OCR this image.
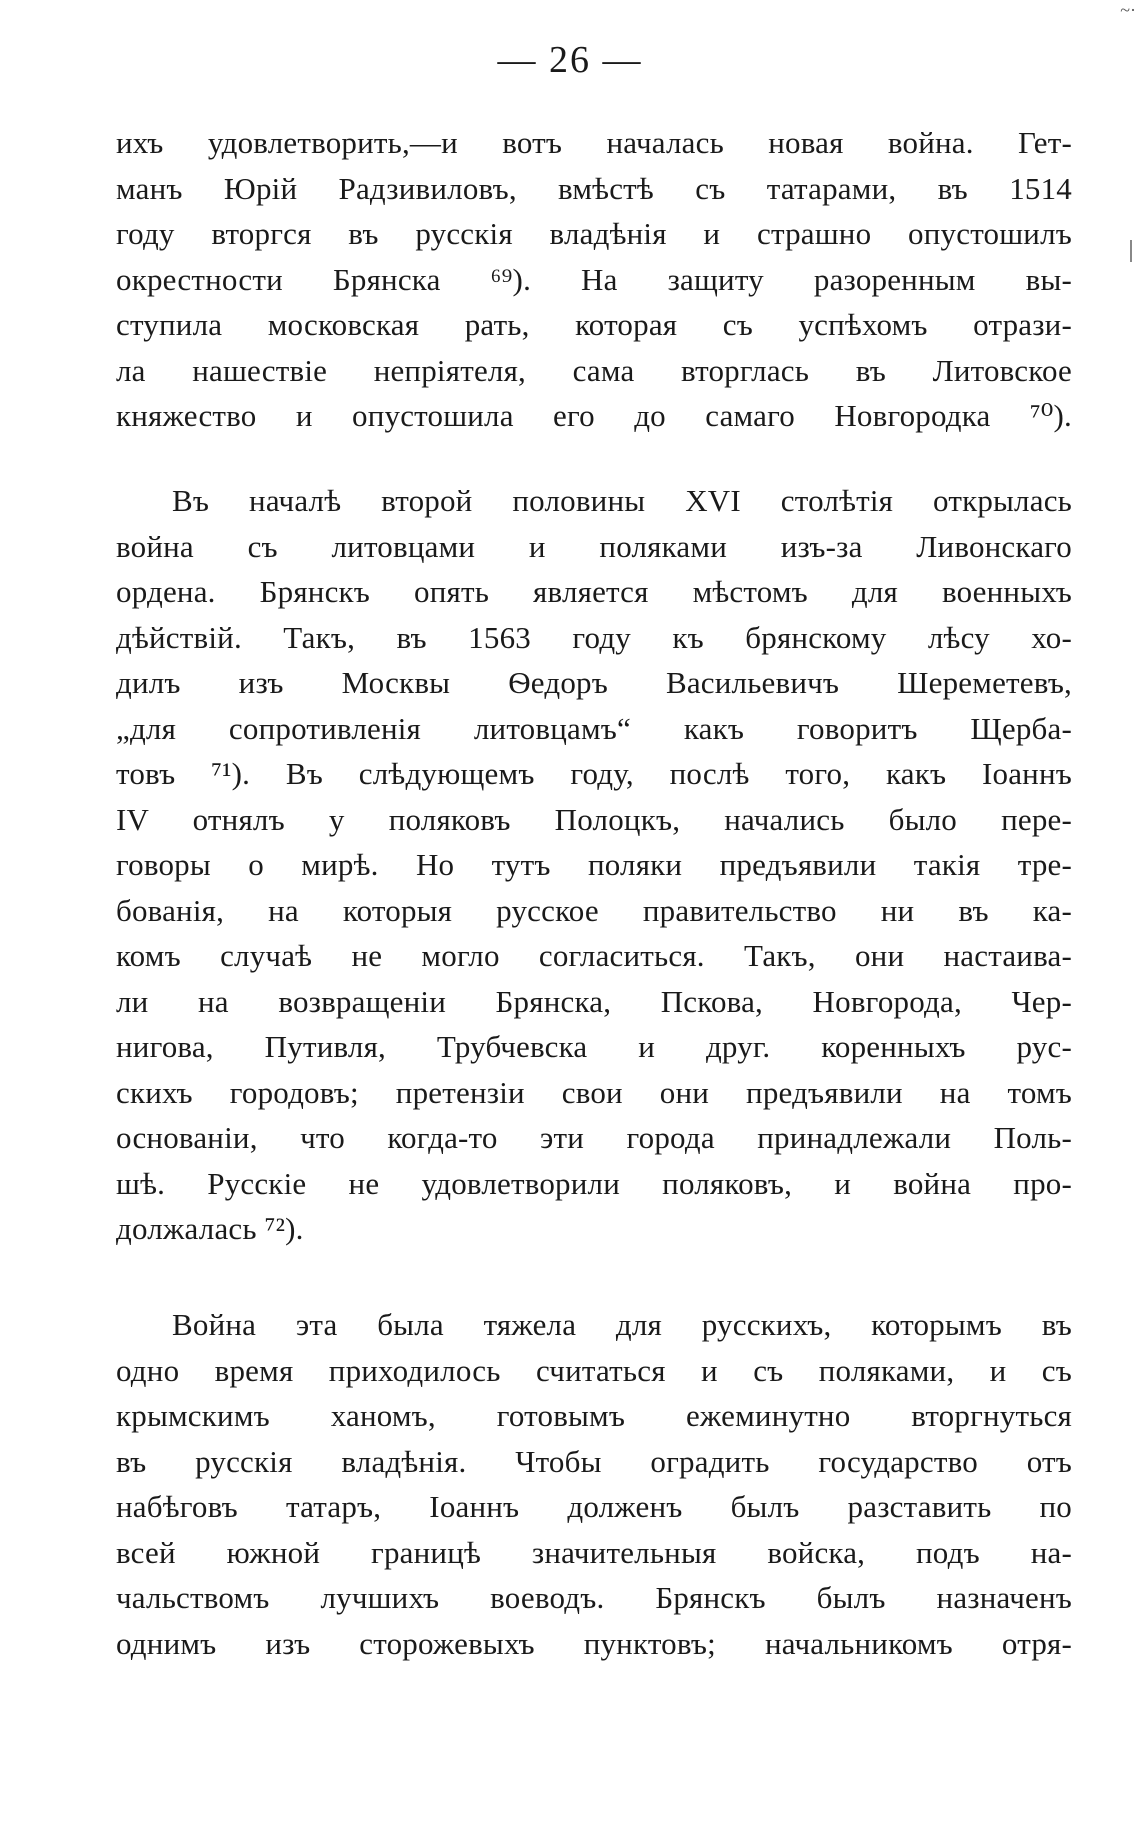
~·
— 26 —
ихъ удовлетворить,—и вотъ началась новая война. Гет-
манъ Юрій Радзивиловъ, вмѣстѣ съ татарами, въ 1514
году вторгся въ русскія владѣнія и страшно опустошилъ
окрестности Брянска ⁶⁹). На защиту разоренным вы-
ступила московская рать, которая съ успѣхомъ отрази-
ла нашествіе непріятеля, сама вторглась въ Литовское
княжество и опустошила его до самаго Новгородка ⁷⁰).
Въ началѣ второй половины XVI столѣтія открылась
война съ литовцами и поляками изъ-за Ливонскаго
ордена. Брянскъ опять является мѣстомъ для военныхъ
дѣйствій. Такъ, въ 1563 году къ брянскому лѣсу хо-
дилъ изъ Москвы Ѳедоръ Васильевичъ Шереметевъ,
„для сопротивленія литовцамъ“ какъ говоритъ Щерба-
товъ ⁷¹). Въ слѣдующемъ году, послѣ того, какъ Іоаннъ
IV отнялъ у поляковъ Полоцкъ, начались было пере-
говоры о мирѣ. Но тутъ поляки предъявили такія тре-
бованія, на которыя русское правительство ни въ ка-
комъ случаѣ не могло согласиться. Такъ, они настаива-
ли на возвращеніи Брянска, Пскова, Новгорода, Чер-
нигова, Путивля, Трубчевска и друг. коренныхъ рус-
скихъ городовъ; претензіи свои они предъявили на томъ
основаніи, что когда-то эти города принадлежали Поль-
шѣ. Русскіе не удовлетворили поляковъ, и война про-
должалась ⁷²).
Война эта была тяжела для русскихъ, которымъ въ
одно время приходилось считаться и съ поляками, и съ
крымскимъ ханомъ, готовымъ ежеминутно вторгнуться
въ русскія владѣнія. Чтобы оградить государство отъ
набѣговъ татаръ, Іоаннъ долженъ былъ разставить по
всей южной границѣ значительныя войска, подъ на-
чальствомъ лучшихъ воеводъ. Брянскъ былъ назначенъ
однимъ изъ сторожевыхъ пунктовъ; начальникомъ отря-
